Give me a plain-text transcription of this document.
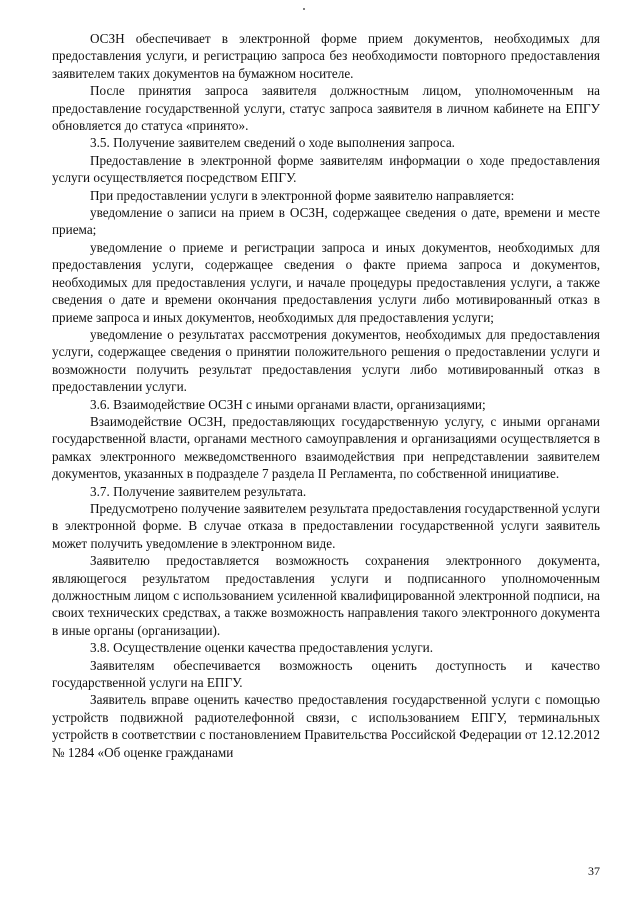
ОСЗН обеспечивает в электронной форме прием документов, необходимых для предоставления услуги, и регистрацию запроса без необходимости повторного предоставления заявителем таких документов на бумажном носителе.

После принятия запроса заявителя должностным лицом, уполномоченным на предоставление государственной услуги, статус запроса заявителя в личном кабинете на ЕПГУ обновляется до статуса «принято».

3.5. Получение заявителем сведений о ходе выполнения запроса.

Предоставление в электронной форме заявителям информации о ходе предоставления услуги осуществляется посредством ЕПГУ.

При предоставлении услуги в электронной форме заявителю направляется:

уведомление о записи на прием в ОСЗН, содержащее сведения о дате, времени и месте приема;

уведомление о приеме и регистрации запроса и иных документов, необходимых для предоставления услуги, содержащее сведения о факте приема запроса и документов, необходимых для предоставления услуги, и начале процедуры предоставления услуги, а также сведения о дате и времени окончания предоставления услуги либо мотивированный отказ в приеме запроса и иных документов, необходимых для предоставления услуги;

уведомление о результатах рассмотрения документов, необходимых для предоставления услуги, содержащее сведения о принятии положительного решения о предоставлении услуги и возможности получить результат предоставления услуги либо мотивированный отказ в предоставлении услуги.

3.6. Взаимодействие ОСЗН с иными органами власти, организациями;

Взаимодействие ОСЗН, предоставляющих государственную услугу, с иными органами государственной власти, органами местного самоуправления и организациями осуществляется в рамках электронного межведомственного взаимодействия при непредставлении заявителем документов, указанных в подразделе 7 раздела II Регламента, по собственной инициативе.

3.7. Получение заявителем результата.

Предусмотрено получение заявителем результата предоставления государственной услуги в электронной форме. В случае отказа в предоставлении государственной услуги заявитель может получить уведомление в электронном виде.

Заявителю предоставляется возможность сохранения электронного документа, являющегося результатом предоставления услуги и подписанного уполномоченным должностным лицом с использованием усиленной квалифицированной электронной подписи, на своих технических средствах, а также возможность направления такого электронного документа в иные органы (организации).

3.8. Осуществление оценки качества предоставления услуги.

Заявителям обеспечивается возможность оценить доступность и качество государственной услуги на ЕПГУ.

Заявитель вправе оценить качество предоставления государственной услуги с помощью устройств подвижной радиотелефонной связи, с использованием ЕПГУ, терминальных устройств в соответствии с постановлением Правительства Российской Федерации от 12.12.2012 № 1284 «Об оценке гражданами

37
